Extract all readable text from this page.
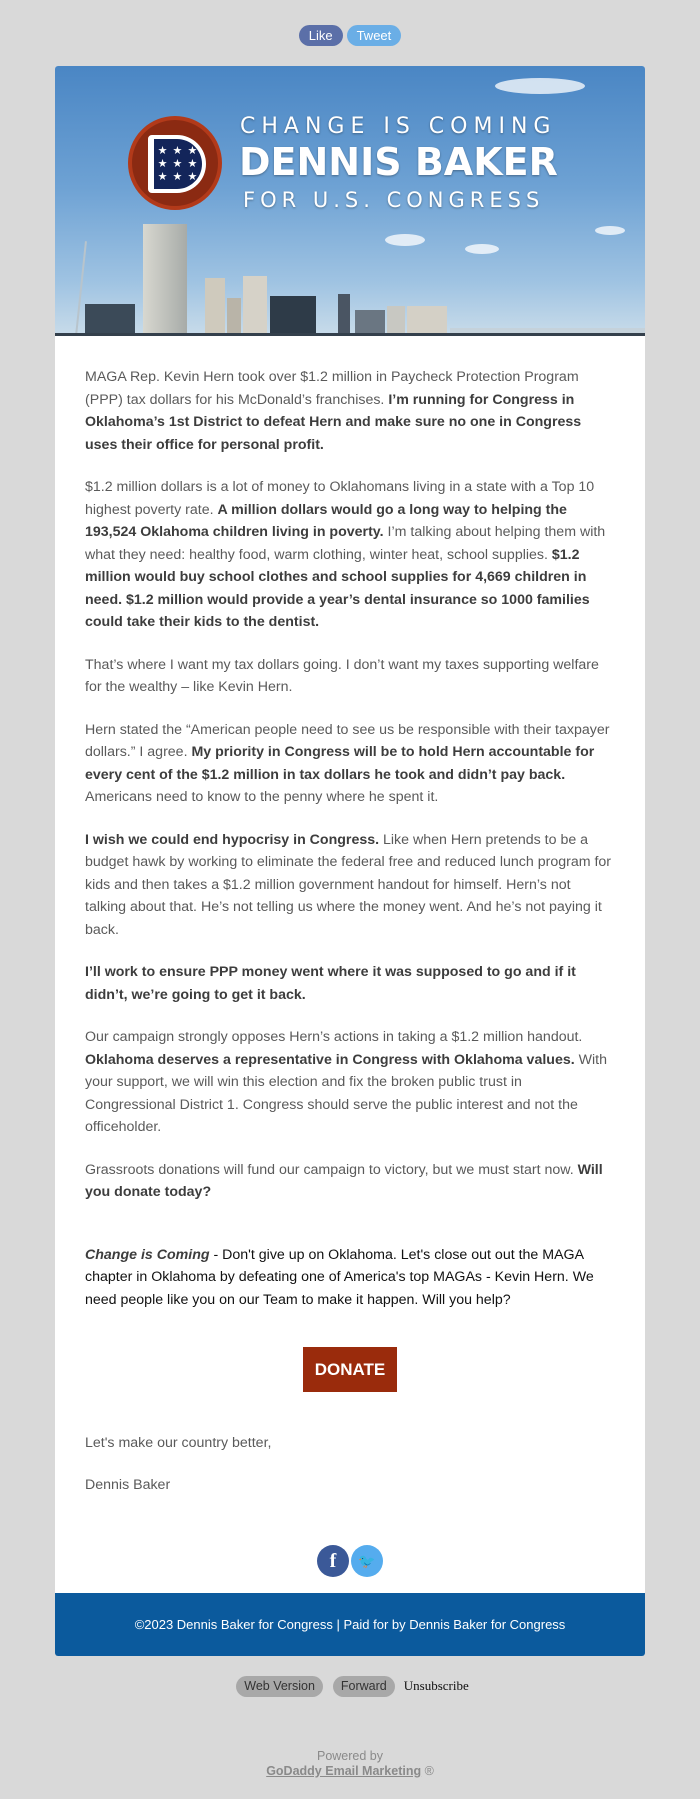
Like Tweet
★ ★ ★ ★ ★ ★ ★ ★ ★
CHANGE IS COMING
DENNIS BAKER
FOR U.S. CONGRESS

MAGA Rep. Kevin Hern took over $1.2 million in Paycheck Protection Program (PPP) tax dollars for his McDonald’s franchises. I’m running for Congress in Oklahoma’s 1st District to defeat Hern and make sure no one in Congress uses their office for personal profit.

$1.2 million dollars is a lot of money to Oklahomans living in a state with a Top 10 highest poverty rate. A million dollars would go a long way to helping the 193,524 Oklahoma children living in poverty. I’m talking about helping them with what they need: healthy food, warm clothing, winter heat, school supplies. $1.2 million would buy school clothes and school supplies for 4,669 children in need. $1.2 million would provide a year’s dental insurance so 1000 families could take their kids to the dentist.

That’s where I want my tax dollars going. I don’t want my taxes supporting welfare for the wealthy – like Kevin Hern.

Hern stated the “American people need to see us be responsible with their taxpayer dollars.” I agree. My priority in Congress will be to hold Hern accountable for every cent of the $1.2 million in tax dollars he took and didn’t pay back. Americans need to know to the penny where he spent it.

I wish we could end hypocrisy in Congress. Like when Hern pretends to be a budget hawk by working to eliminate the federal free and reduced lunch program for kids and then takes a $1.2 million government handout for himself. Hern’s not talking about that. He’s not telling us where the money went. And he’s not paying it back.

I’ll work to ensure PPP money went where it was supposed to go and if it didn’t, we’re going to get it back.

Our campaign strongly opposes Hern’s actions in taking a $1.2 million handout. Oklahoma deserves a representative in Congress with Oklahoma values. With your support, we will win this election and fix the broken public trust in Congressional District 1. Congress should serve the public interest and not the officeholder.

Grassroots donations will fund our campaign to victory, but we must start now. Will you donate today?

Change is Coming - Don't give up on Oklahoma. Let's close out out the MAGA chapter in Oklahoma by defeating one of America's top MAGAs - Kevin Hern. We need people like you on our Team to make it happen. Will you help?

DONATE

Let's make our country better,

Dennis Baker

f 🐦
©2023 Dennis Baker for Congress | Paid for by Dennis Baker for Congress
Web Version Forward Unsubscribe
Powered by
GoDaddy Email Marketing ®
